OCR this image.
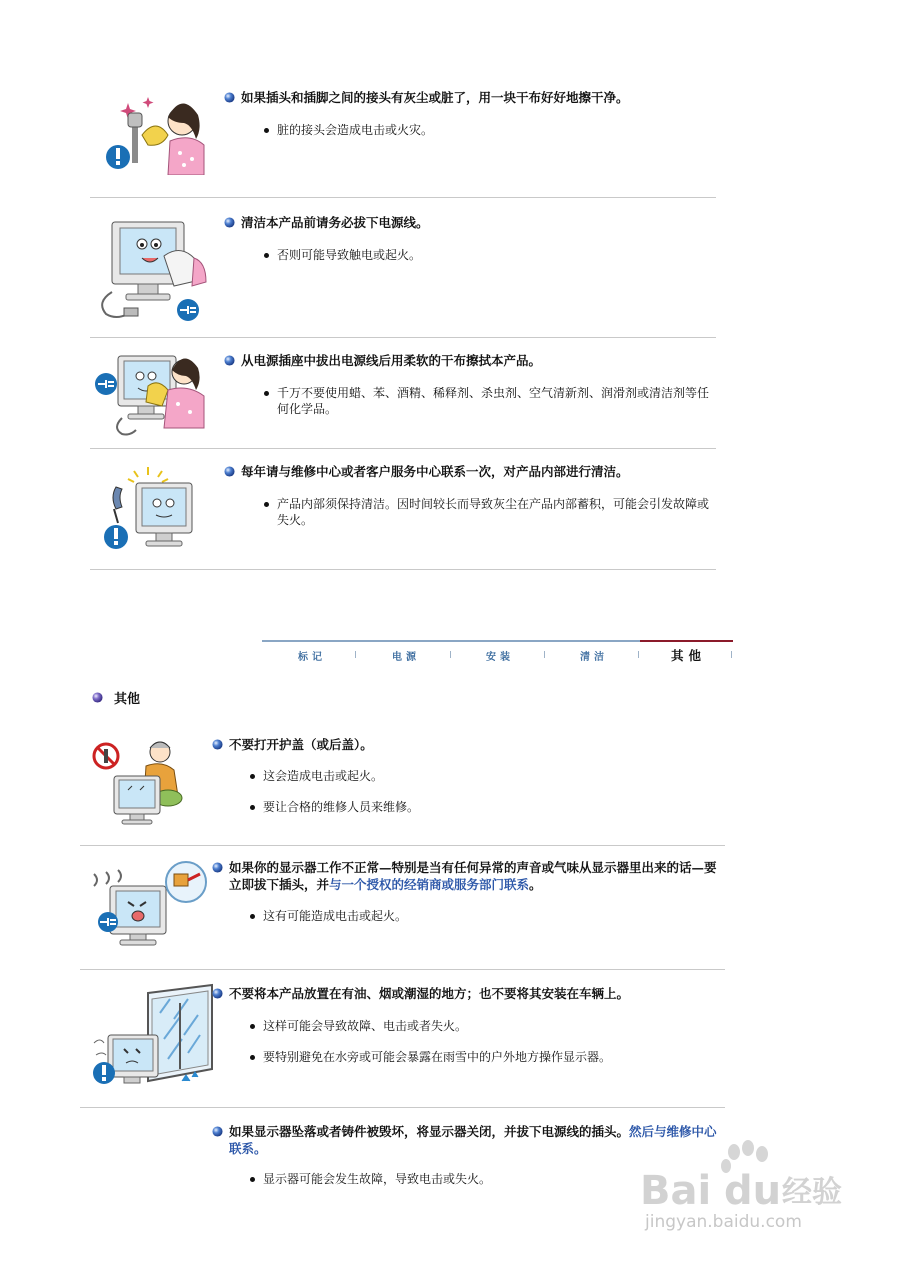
如果插头和插脚之间的接头有灰尘或脏了，用一块干布好好地擦干净。
脏的接头会造成电击或火灾。
清洁本产品前请务必拔下电源线。
否则可能导致触电或起火。
从电源插座中拔出电源线后用柔软的干布擦拭本产品。
千万不要使用蜡、苯、酒精、稀释剂、杀虫剂、空气清新剂、润滑剂或清洁剂等任何化学品。
每年请与维修中心或者客户服务中心联系一次，对产品内部进行清洁。
产品内部须保持清洁。因时间较长而导致灰尘在产品内部蓄积，可能会引发故障或失火。
标记	电源	安装	清洁	其他
其他
不要打开护盖（或后盖）。
这会造成电击或起火。
要让合格的维修人员来维修。
如果你的显示器工作不正常—特别是当有任何异常的声音或气味从显示器里出来的话—要立即拔下插头，并与一个授权的经销商或服务部门联系。
这有可能造成电击或起火。
不要将本产品放置在有油、烟或潮湿的地方；也不要将其安装在车辆上。
这样可能会导致故障、电击或者失火。
要特别避免在水旁或可能会暴露在雨雪中的户外地方操作显示器。
如果显示器坠落或者铸件被毁坏，将显示器关闭，并拔下电源线的插头。然后与维修中心联系。
显示器可能会发生故障，导致电击或失火。	Bai du 经验
jingyan.baidu.com
